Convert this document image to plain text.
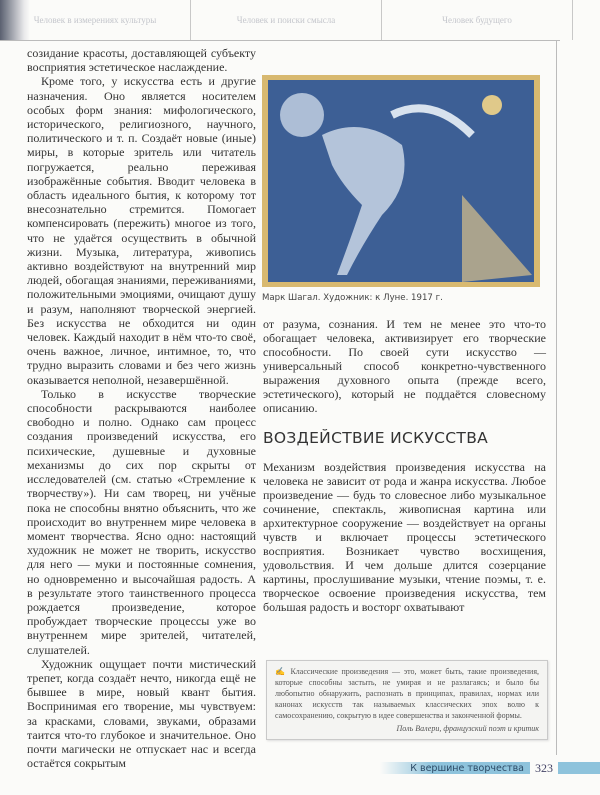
Человек в измерениях культуры	Человек и поиски смысла	Человек будущего

созидание красоты, доставляющей субъекту восприятия эстетическое наслаждение.

Кроме того, у искусства есть и другие назначения. Оно является носителем особых форм знания: мифологического, исторического, религиозного, научного, политического и т. п. Создаёт новые (иные) миры, в которые зритель или читатель погружается, реально переживая изображённые события. Вводит человека в область идеального бытия, к которому тот внесознательно стремится. Помогает компенсировать (пережить) многое из того, что не удаётся осуществить в обычной жизни. Музыка, литература, живопись активно воздействуют на внутренний мир людей, обогащая знаниями, переживаниями, положительными эмоциями, очищают душу и разум, наполняют творческой энергией. Без искусства не обходится ни один человек. Каждый находит в нём что-то своё, очень важное, личное, интимное, то, что трудно выразить словами и без чего жизнь оказывается неполной, незавершённой.

Только в искусстве творческие способности раскрываются наиболее свободно и полно. Однако сам процесс создания произведений искусства, его психические, душевные и духовные механизмы до сих пор скрыты от исследователей (см. статью «Стремление к творчеству»). Ни сам творец, ни учёные пока не способны внятно объяснить, что же происходит во внутреннем мире человека в момент творчества. Ясно одно: настоящий художник не может не творить, искусство для него — муки и постоянные сомнения, но одновременно и высочайшая радость. А в результате этого таинственного процесса рождается произведение, которое пробуждает творческие процессы уже во внутреннем мире зрителей, читателей, слушателей.

Художник ощущает почти мистический трепет, когда создаёт нечто, никогда ещё не бывшее в мире, новый квант бытия. Воспринимая его творение, мы чувствуем: за красками, словами, звуками, образами таится что-то глубокое и значительное. Оно почти магически не отпускает нас и всегда остаётся сокрытым

Марк Шагал. Художник: к Луне. 1917 г.

от разума, сознания. И тем не менее это что-то обогащает человека, активизирует его творческие способности. По своей сути искусство — универсальный способ конкретно-чувственного выражения духовного опыта (прежде всего, эстетического), который не поддаётся словесному описанию.

ВОЗДЕЙСТВИЕ ИСКУССТВА

Механизм воздействия произведения искусства на человека не зависит от рода и жанра искусства. Любое произведение — будь то словесное либо музыкальное сочинение, спектакль, живописная картина или архитектурное сооружение — воздействует на органы чувств и включает процессы эстетического восприятия. Возникает чувство восхищения, удовольствия. И чем дольше длится созерцание картины, прослушивание музыки, чтение поэмы, т. е. творческое освоение произведения искусства, тем большая радость и восторг охватывают

✍ Классические произведения — это, может быть, такие произведения, которые способны застыть, не умирая и не разлагаясь; и было бы любопытно обнаружить, распознать в принципах, правилах, нормах или канонах искусств так называемых классических эпох волю к самосохранению, сокрытую в идее совершенства и законченной формы.
Поль Валери, французский поэт и критик
К вершине творчества 323
